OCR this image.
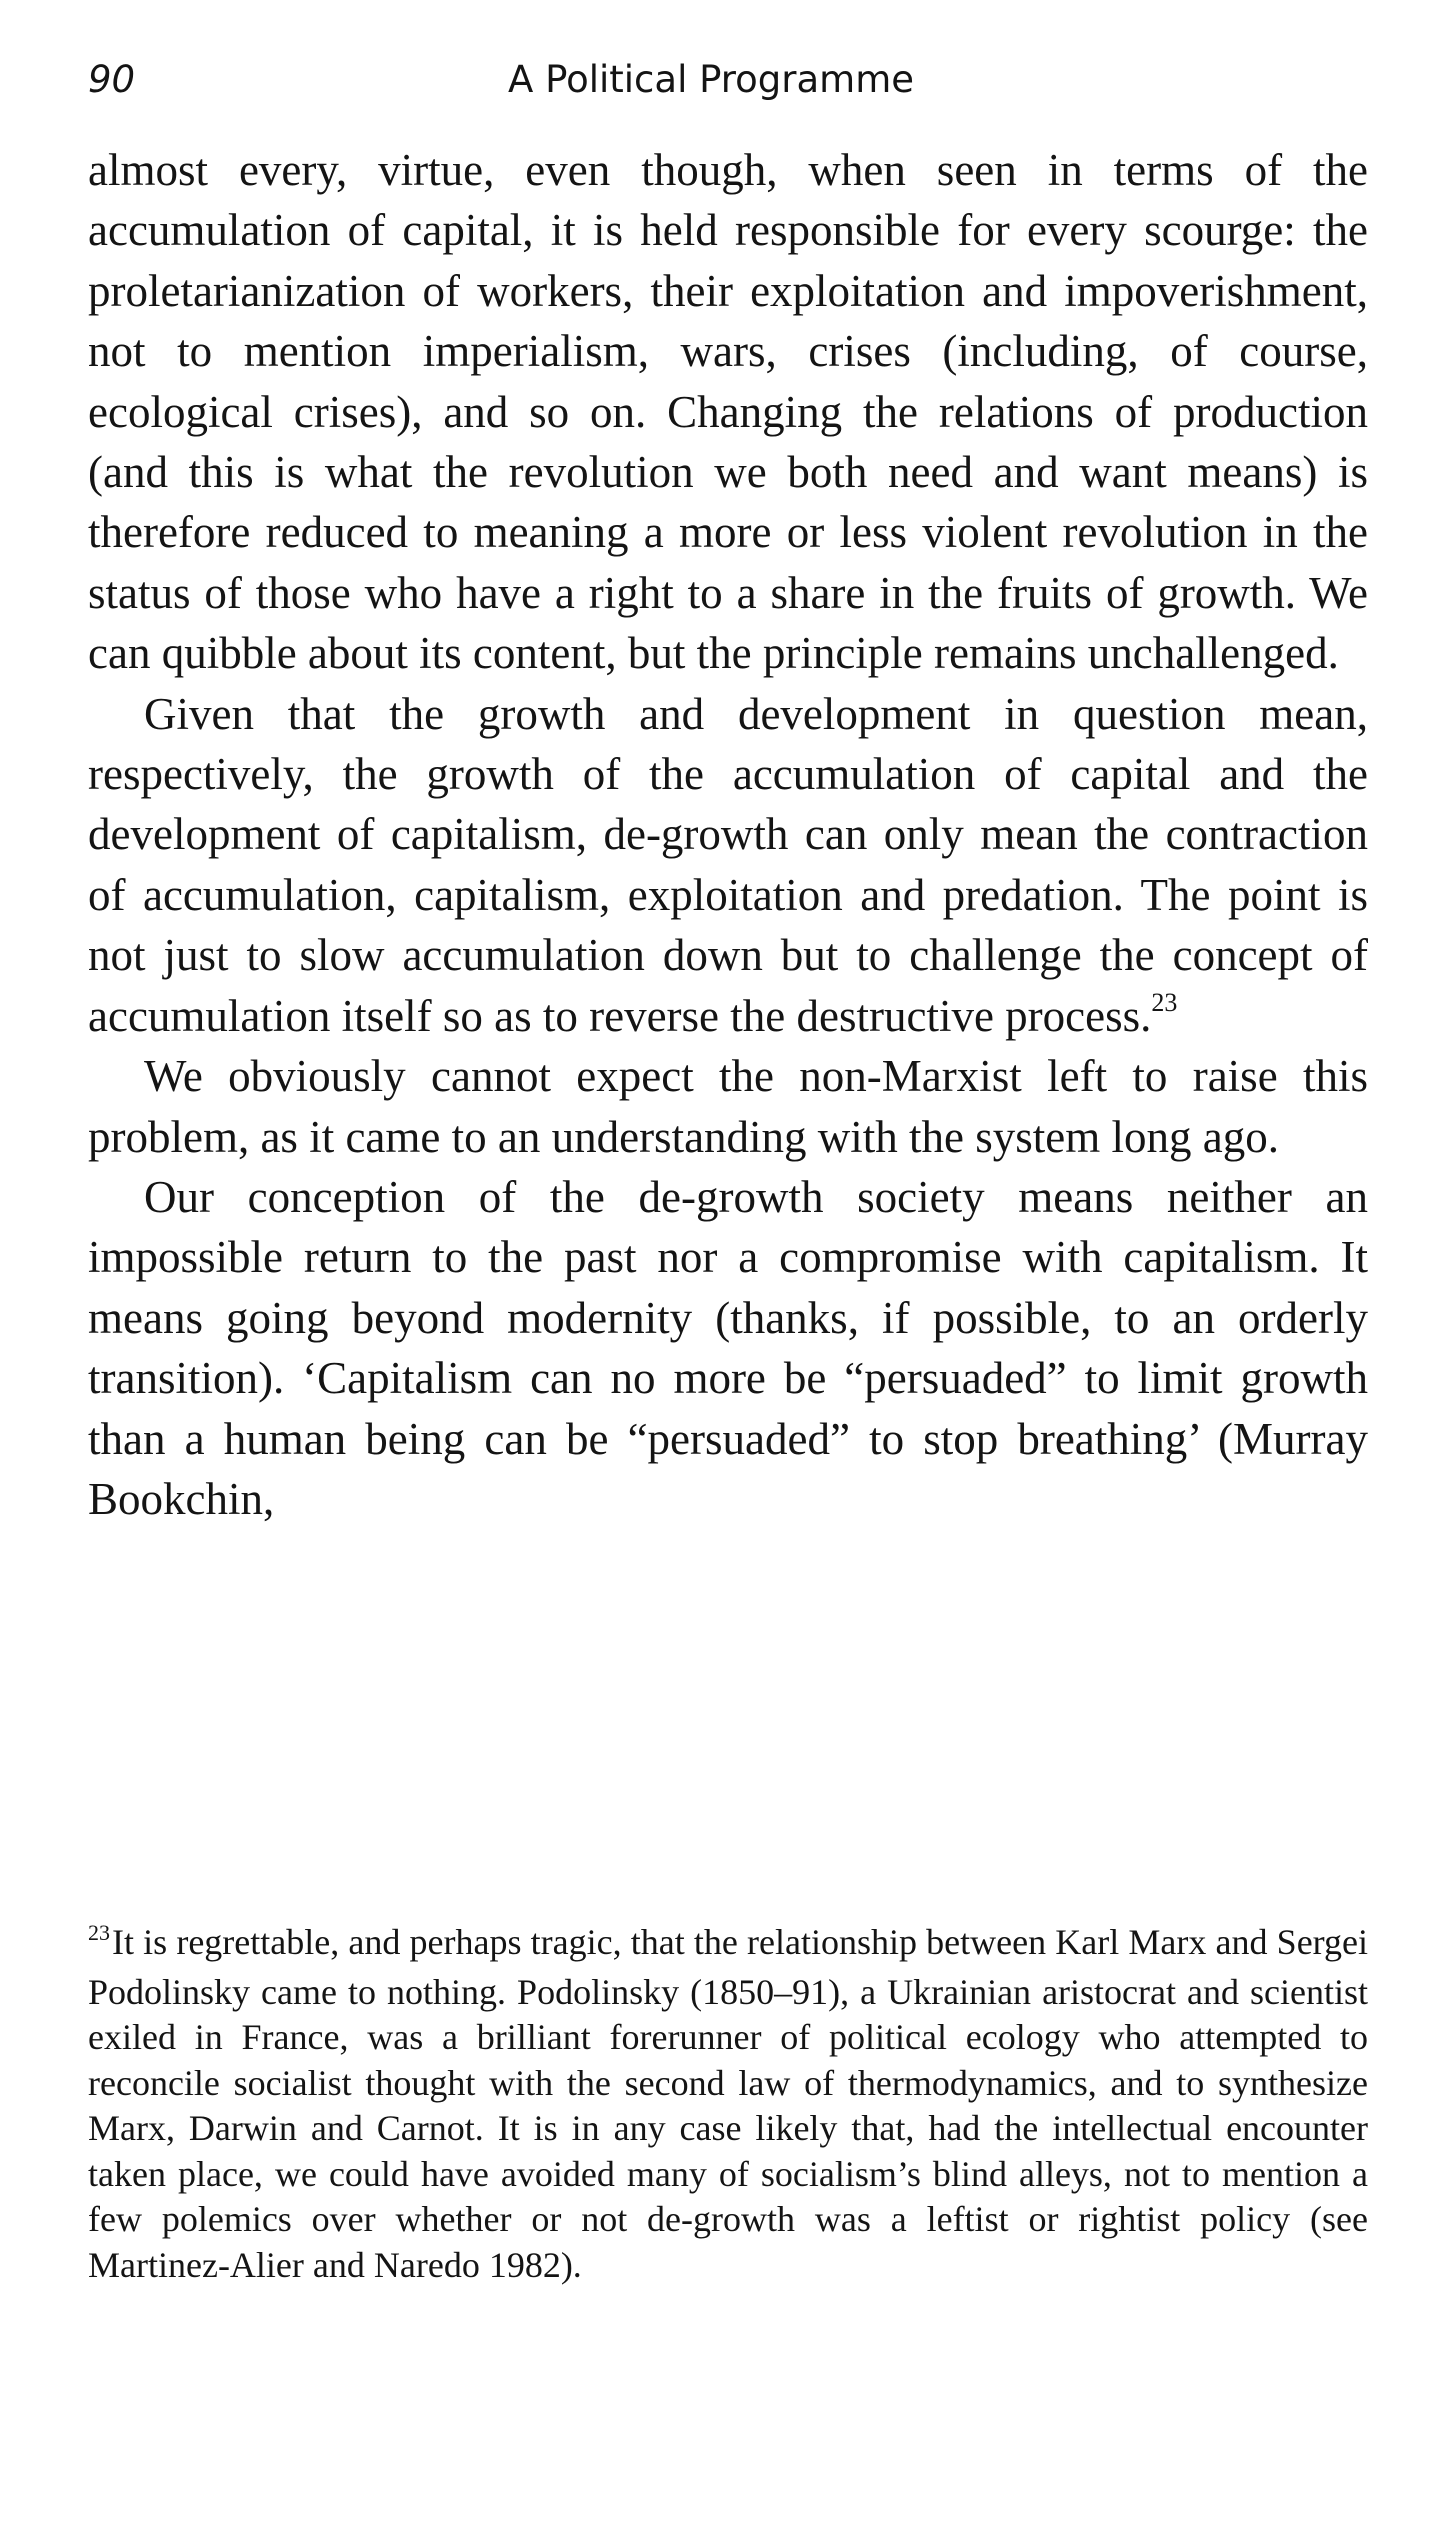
90	A Political Programme

almost every, virtue, even though, when seen in terms of the accumulation of capital, it is held responsible for every scourge: the proletarianization of workers, their exploitation and impoverishment, not to mention imperialism, wars, crises (including, of course, ecological crises), and so on. Changing the relations of production (and this is what the revolution we both need and want means) is therefore reduced to meaning a more or less violent revolution in the status of those who have a right to a share in the fruits of growth. We can quibble about its content, but the principle remains unchallenged.

Given that the growth and development in question mean, respectively, the growth of the accumulation of capital and the development of capitalism, de-growth can only mean the contraction of accumulation, capitalism, exploitation and predation. The point is not just to slow accumulation down but to challenge the concept of accumulation itself so as to reverse the destructive process.$^{23}$

We obviously cannot expect the non-Marxist left to raise this problem, as it came to an understanding with the system long ago.

Our conception of the de-growth society means neither an impossible return to the past nor a compromise with capitalism. It means going beyond modernity (thanks, if possible, to an orderly transition). ‘Capitalism can no more be “persuaded” to limit growth than a human being can be “persuaded” to stop breathing’ (Murray Bookchin,

$^{23}$It is regrettable, and perhaps tragic, that the relationship between Karl Marx and Sergei Podolinsky came to nothing. Podolinsky (1850–91), a Ukrainian aristocrat and scientist exiled in France, was a brilliant forerunner of political ecology who attempted to reconcile socialist thought with the second law of thermodynamics, and to synthesize Marx, Darwin and Carnot. It is in any case likely that, had the intellectual encounter taken place, we could have avoided many of socialism’s blind alleys, not to mention a few polemics over whether or not de-growth was a leftist or rightist policy (see Martinez-Alier and Naredo 1982).
